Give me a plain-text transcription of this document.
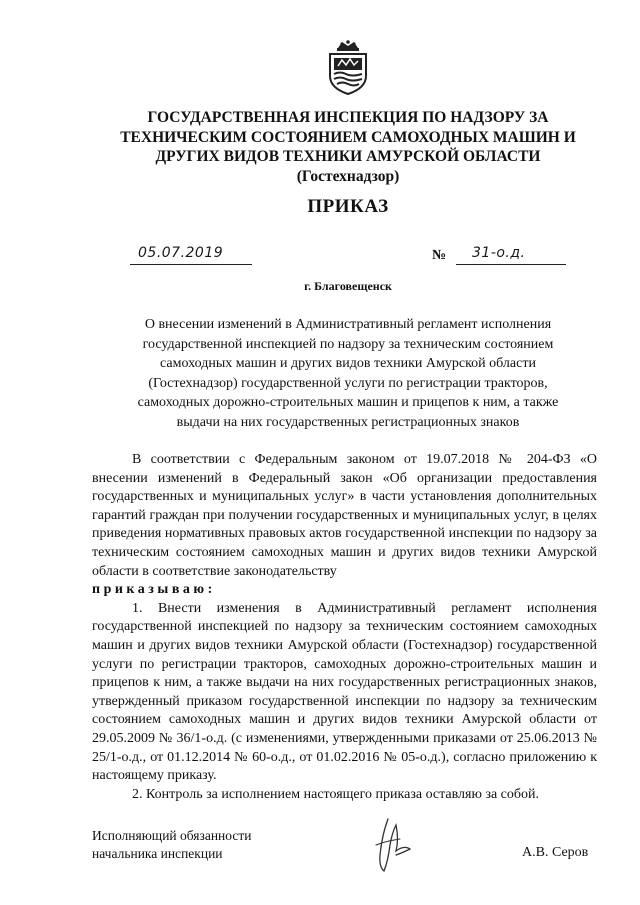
ГОСУДАРСТВЕННАЯ ИНСПЕКЦИЯ ПО НАДЗОРУ ЗА
ТЕХНИЧЕСКИМ СОСТОЯНИЕМ САМОХОДНЫХ МАШИН И
ДРУГИХ ВИДОВ ТЕХНИКИ АМУРСКОЙ ОБЛАСТИ
(Гостехнадзор)
ПРИКАЗ
05.07.2019	№ 31-о.д.
г. Благовещенск
О внесении изменений в Административный регламент исполнения
государственной инспекцией по надзору за техническим состоянием
самоходных машин и других видов техники Амурской области
(Гостехнадзор) государственной услуги по регистрации тракторов,
самоходных дорожно-строительных машин и прицепов к ним, а также
выдачи на них государственных регистрационных знаков

В соответствии с Федеральным законом от 19.07.2018 № 204-ФЗ «О внесении изменений в Федеральный закон «Об организации предоставления государственных и муниципальных услуг» в части установления дополнительных гарантий граждан при получении государственных и муниципальных услуг, в целях приведения нормативных правовых актов государственной инспекции по надзору за техническим состоянием самоходных машин и других видов техники Амурской области в соответствие законодательству

приказываю:

1. Внести изменения в Административный регламент исполнения государственной инспекцией по надзору за техническим состоянием самоходных машин и других видов техники Амурской области (Гостехнадзор) государственной услуги по регистрации тракторов, самоходных дорожно-строительных машин и прицепов к ним, а также выдачи на них государственных регистрационных знаков, утвержденный приказом государственной инспекции по надзору за техническим состоянием самоходных машин и других видов техники Амурской области от 29.05.2009 № 36/1-о.д. (с изменениями, утвержденными приказами от 25.06.2013 № 25/1-о.д., от 01.12.2014 № 60-о.д., от 01.02.2016 № 05-о.д.), согласно приложению к настоящему приказу.

2. Контроль за исполнением настоящего приказа оставляю за собой.

Исполняющий обязанности
начальника инспекции	А.В. Серов
